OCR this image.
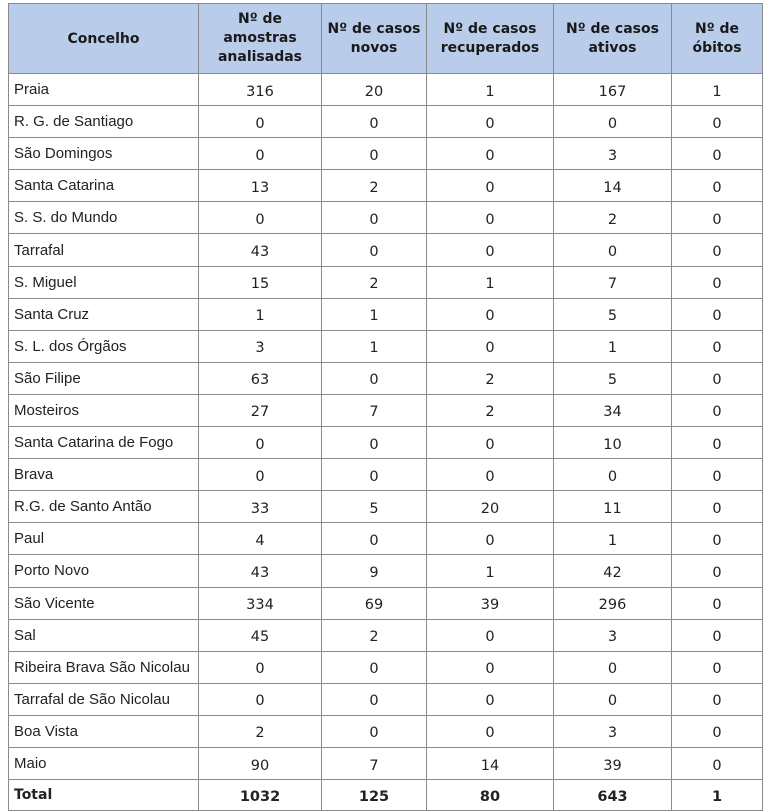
Concelho	Nº de amostras analisadas	Nº de casos novos	Nº de casos recuperados	Nº de casos ativos	Nº de óbitos
Praia	316	20	1	167	1
R. G. de Santiago	0	0	0	0	0
São Domingos	0	0	0	3	0
Santa Catarina	13	2	0	14	0
S. S. do Mundo	0	0	0	2	0
Tarrafal	43	0	0	0	0
S. Miguel	15	2	1	7	0
Santa Cruz	1	1	0	5	0
S. L. dos Órgãos	3	1	0	1	0
São Filipe	63	0	2	5	0
Mosteiros	27	7	2	34	0
Santa Catarina de Fogo	0	0	0	10	0
Brava	0	0	0	0	0
R.G. de Santo Antão	33	5	20	11	0
Paul	4	0	0	1	0
Porto Novo	43	9	1	42	0
São Vicente	334	69	39	296	0
Sal	45	2	0	3	0
Ribeira Brava São Nicolau	0	0	0	0	0
Tarrafal de São Nicolau	0	0	0	0	0
Boa Vista	2	0	0	3	0
Maio	90	7	14	39	0
Total	1032	125	80	643	1
